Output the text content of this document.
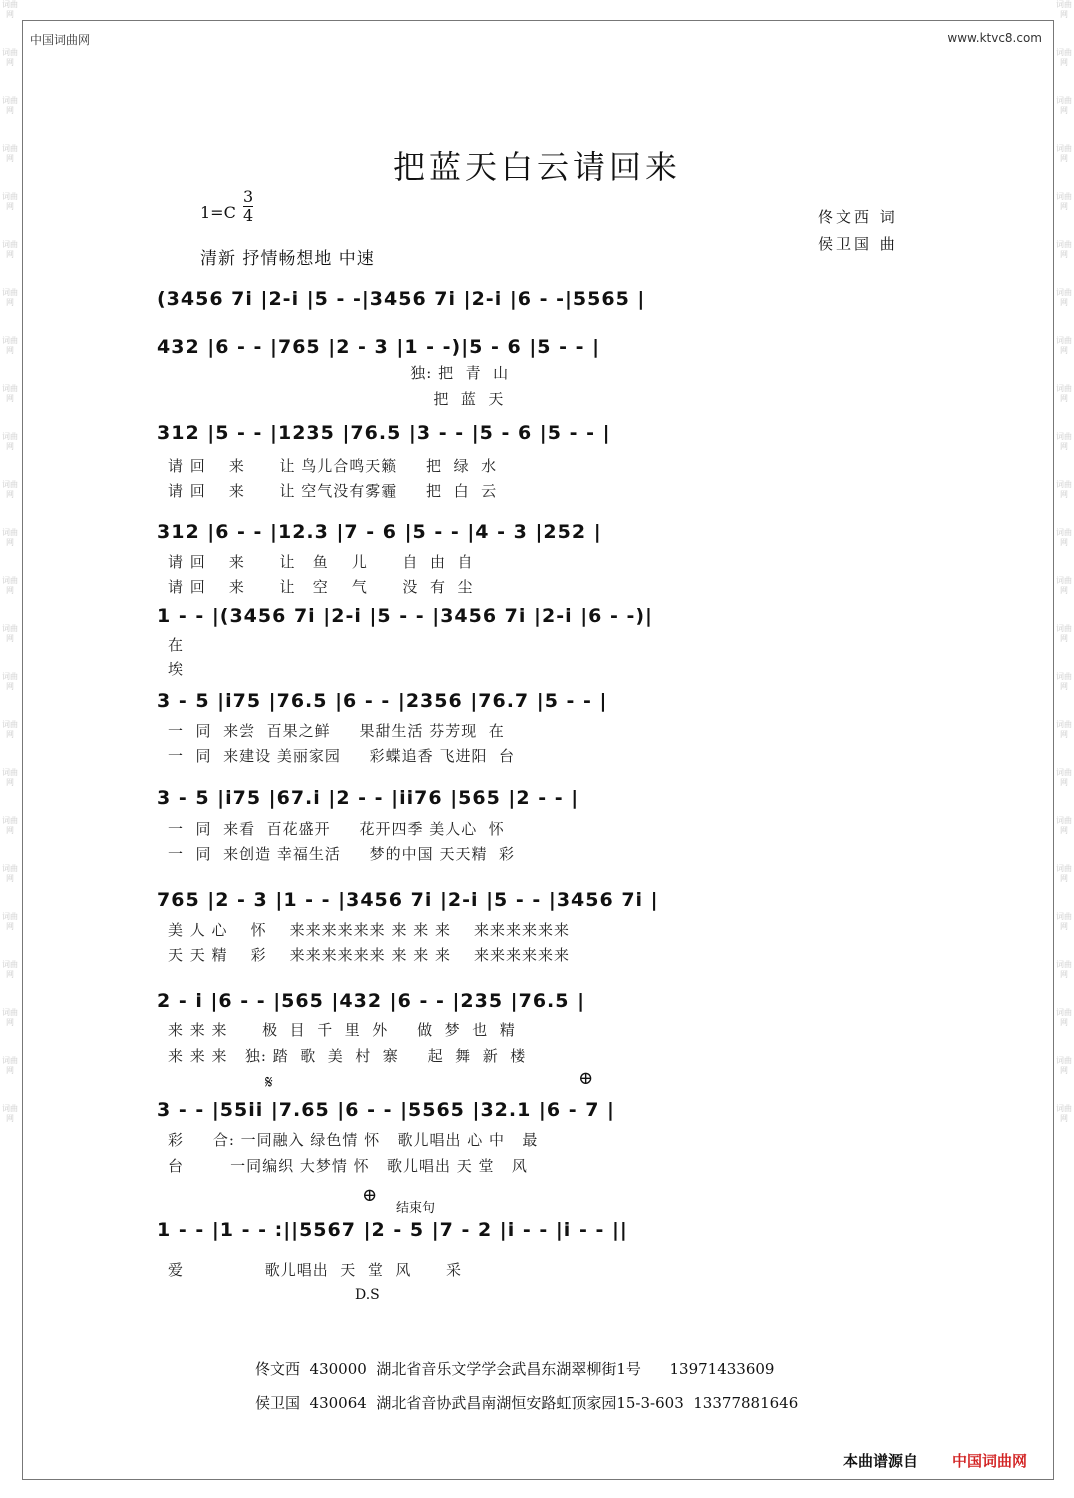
词曲网
词曲网
词曲网
词曲网
词曲网
词曲网
词曲网
词曲网
词曲网
词曲网
词曲网
词曲网
词曲网
词曲网
词曲网
词曲网
词曲网
词曲网
词曲网
词曲网
词曲网
词曲网
词曲网
词曲网
词曲网
词曲网
词曲网
词曲网
词曲网
词曲网
词曲网
词曲网
词曲网
词曲网
词曲网
词曲网
词曲网
词曲网
词曲网
词曲网
词曲网
词曲网
词曲网
词曲网
词曲网
词曲网
词曲网
词曲网
中国词曲网	www.ktvc8.com
把蓝天白云请回来
$1=C \frac{3}{4}$
清新 抒情畅想地 中速
佟文西 词
侯卫国 曲
(3456 7i |2-i |5 - -|3456 7i |2-i |6 - -|5565 |
432 |6 - - |765 |2 - 3 |1 - -)|5 - 6 |5 - - |
独: 把  青  山
把  蓝  天
312 |5 - - |1235 |76.5 |3 - - |5 - 6 |5 - - |
请 回    来      让 鸟儿合鸣天籁     把  绿  水
请 回    来      让 空气没有雾霾     把  白  云
312 |6 - - |12.3 |7 - 6 |5 - - |4 - 3 |252 |
请 回    来      让   鱼    儿      自  由  自
请 回    来      让   空    气      没  有  尘
1 - - |(3456 7i |2-i |5 - - |3456 7i |2-i |6 - -)|
在
埃
3 - 5 |i75 |76.5 |6 - - |2356 |76.7 |5 - - |
一  同  来尝  百果之鲜     果甜生活 芬芳现  在
一  同  来建设 美丽家园     彩蝶追香 飞进阳  台
3 - 5 |i75 |67.i |2 - - |ii76 |565 |2 - - |
一  同  来看  百花盛开     花开四季 美人心  怀
一  同  来创造 幸福生活     梦的中国 天天精  彩
765 |2 - 3 |1 - - |3456 7i |2-i |5 - - |3456 7i |
美 人 心    怀    来来来来来来 来 来 来    来来来来来来
天 天 精    彩    来来来来来来 来 来 来    来来来来来来
2 - i |6 - - |565 |432 |6 - - |235 |76.5 |
来 来 来      极  目  千  里  外     做  梦  也  精
来 来 来   独: 踏  歌  美  村  寨     起  舞  新  楼
𝄋	⊕
3 - - |55ii |7.65 |6 - - |5565 |32.1 |6 - 7 |
彩     合: 一同融入 绿色情 怀   歌儿唱出 心 中   最
台        一同编织 大梦情 怀   歌儿唱出 天 堂   风
⊕
结束句
1 - - |1 - - :||5567 |2 - 5 |7 - 2 |i - - |i - - ||
爱              歌儿唱出  天  堂  风      采
D.S
佟文西  430000  湖北省音乐文学学会武昌东湖翠柳街1号      13971433609
侯卫国  430064  湖北省音协武昌南湖恒安路虹顶家园15-3-603  13377881646
本曲谱源自 中国词曲网
